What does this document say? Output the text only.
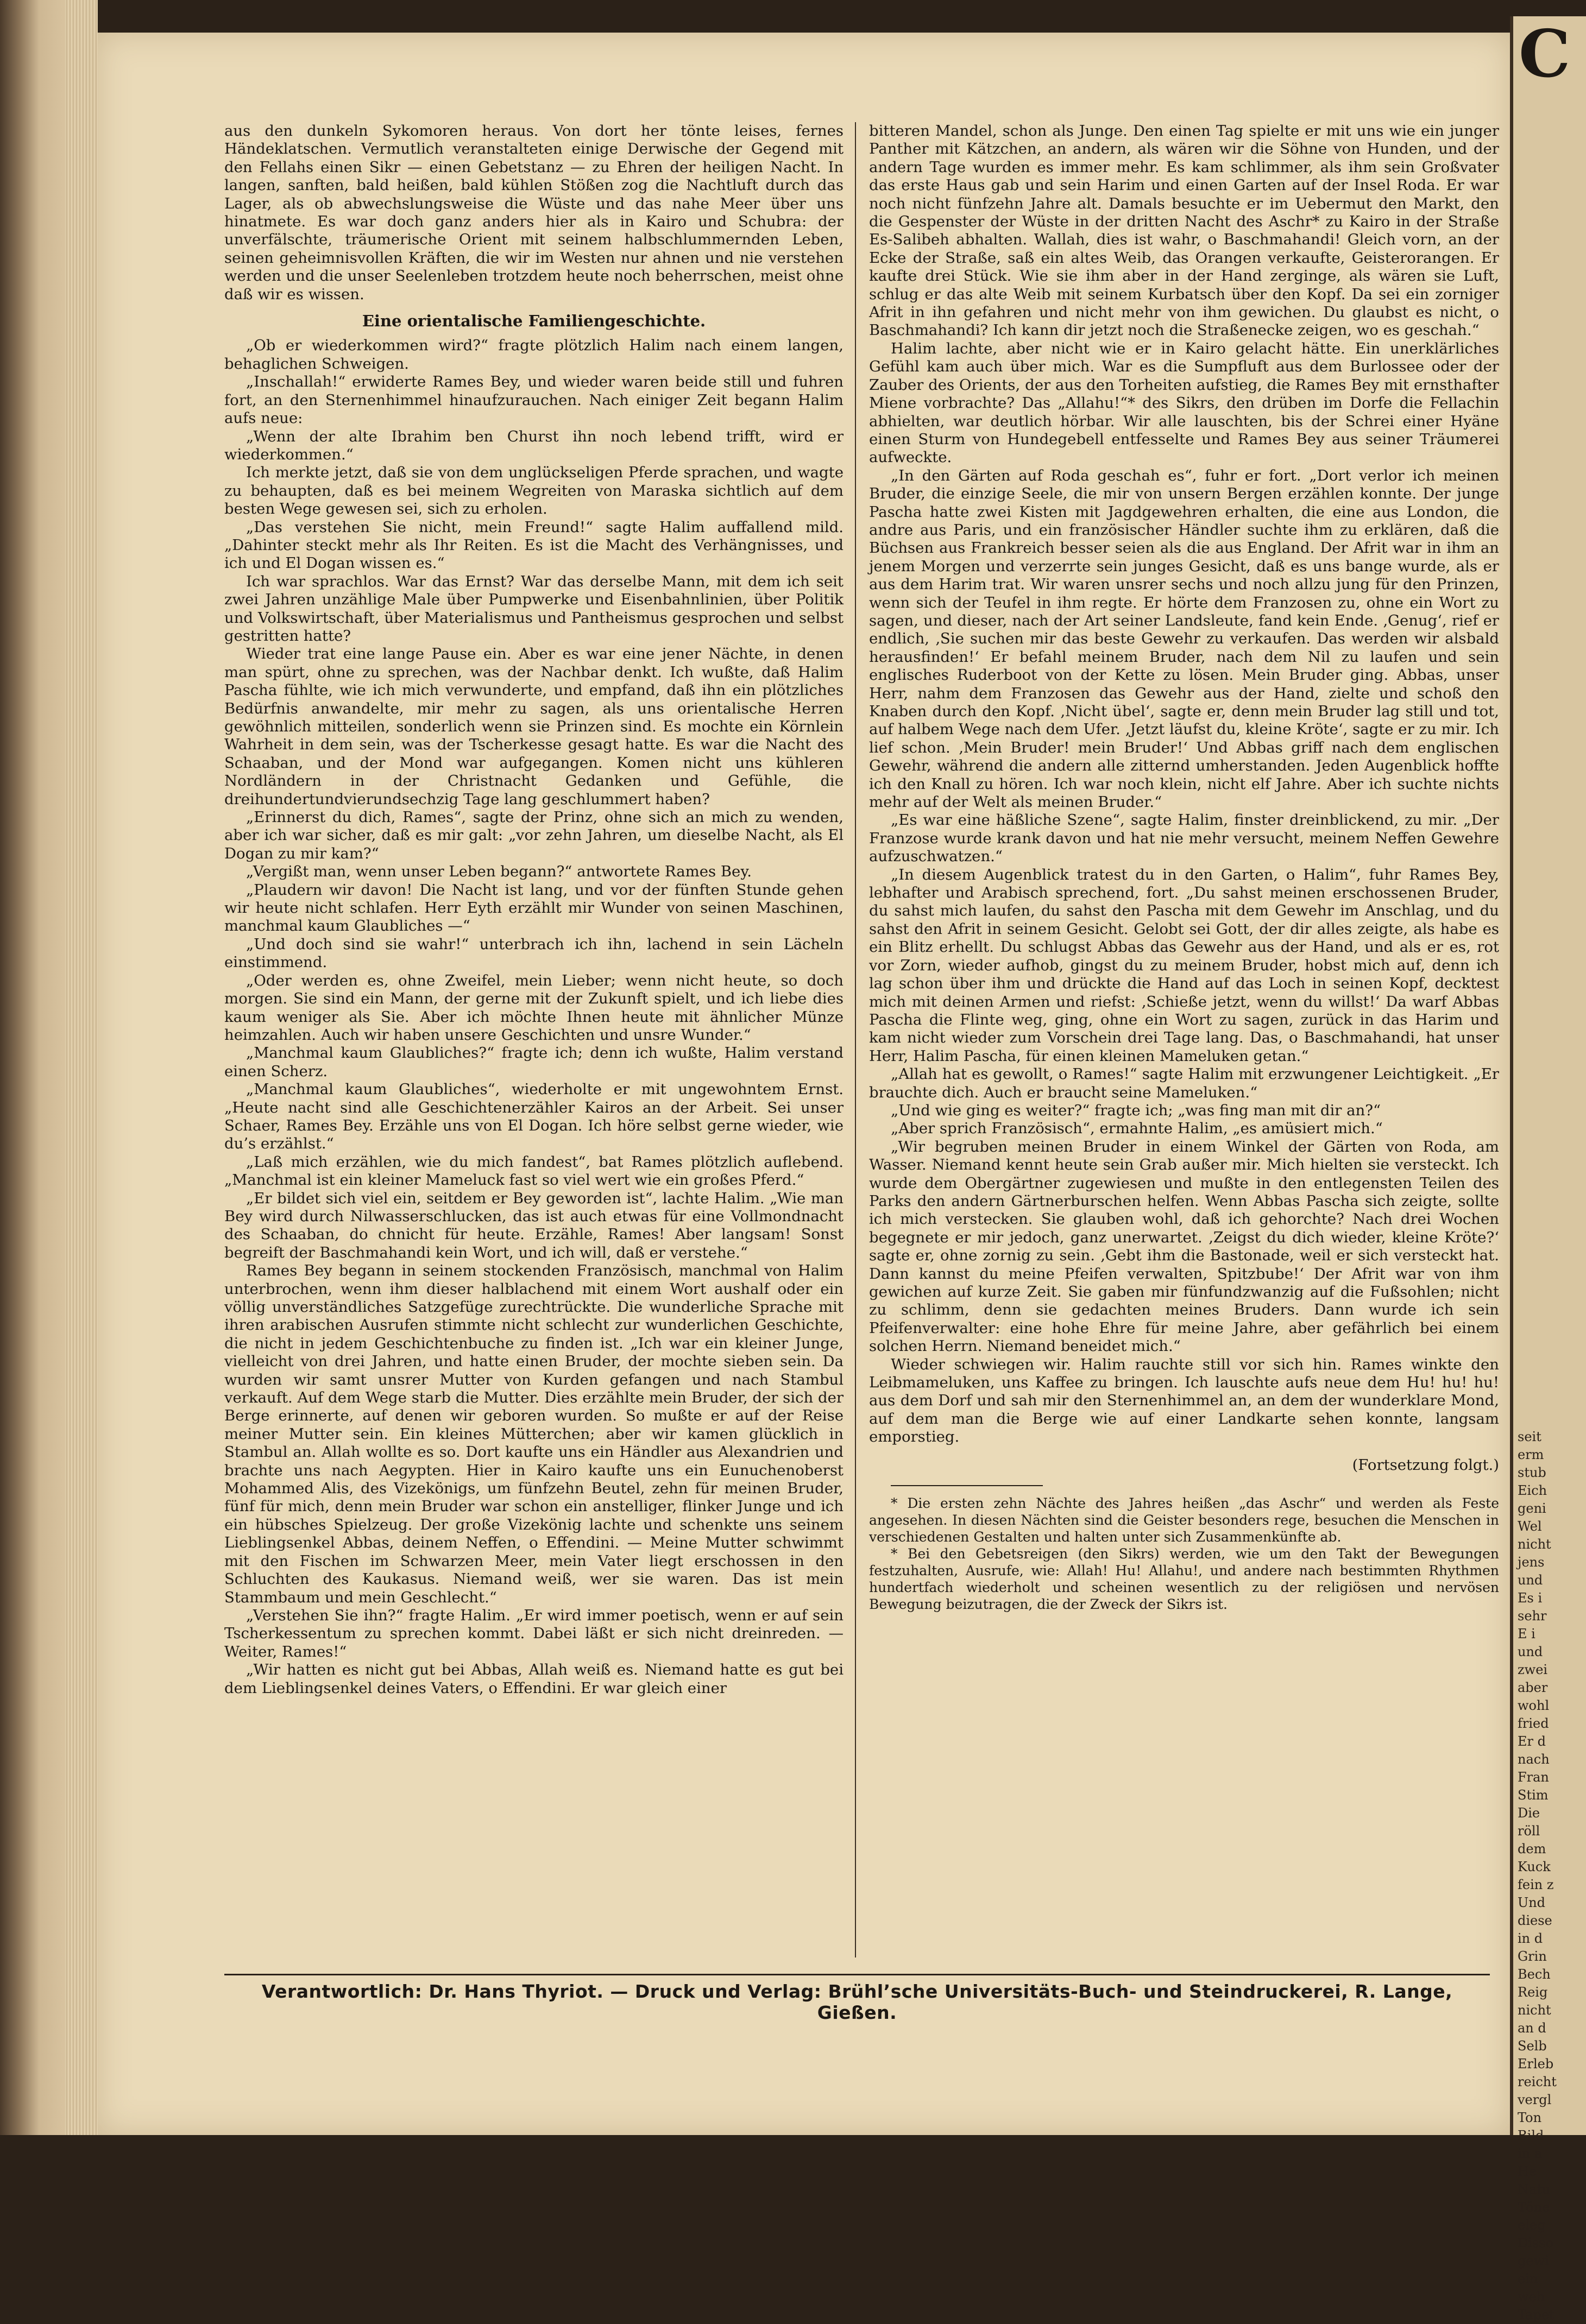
aus den dunkeln Sykomoren heraus. Von dort her tönte leises, fernes Händeklatschen. Vermutlich veranstalteten einige Derwische der Gegend mit den Fellahs einen Sikr — einen Gebetstanz — zu Ehren der heiligen Nacht. In langen, sanften, bald heißen, bald kühlen Stößen zog die Nachtluft durch das Lager, als ob abwechslungsweise die Wüste und das nahe Meer über uns hinatmete. Es war doch ganz anders hier als in Kairo und Schubra: der unverfälschte, träumerische Orient mit seinem halbschlummernden Leben, seinen geheimnisvollen Kräften, die wir im Westen nur ahnen und nie verstehen werden und die unser Seelenleben trotzdem heute noch beherrschen, meist ohne daß wir es wissen.

Eine orientalische Familiengeschichte.

„Ob er wiederkommen wird?“ fragte plötzlich Halim nach einem langen, behaglichen Schweigen.

„Inschallah!“ erwiderte Rames Bey, und wieder waren beide still und fuhren fort, an den Sternenhimmel hinaufzurauchen. Nach einiger Zeit begann Halim aufs neue:

„Wenn der alte Ibrahim ben Churst ihn noch lebend trifft, wird er wiederkommen.“

Ich merkte jetzt, daß sie von dem unglückseligen Pferde sprachen, und wagte zu behaupten, daß es bei meinem Wegreiten von Maraska sichtlich auf dem besten Wege gewesen sei, sich zu erholen.

„Das verstehen Sie nicht, mein Freund!“ sagte Halim auffallend mild. „Dahinter steckt mehr als Ihr Reiten. Es ist die Macht des Verhängnisses, und ich und El Dogan wissen es.“

Ich war sprachlos. War das Ernst? War das derselbe Mann, mit dem ich seit zwei Jahren unzählige Male über Pumpwerke und Eisenbahnlinien, über Politik und Volkswirtschaft, über Materialismus und Pantheismus gesprochen und selbst gestritten hatte?

Wieder trat eine lange Pause ein. Aber es war eine jener Nächte, in denen man spürt, ohne zu sprechen, was der Nachbar denkt. Ich wußte, daß Halim Pascha fühlte, wie ich mich verwunderte, und empfand, daß ihn ein plötzliches Bedürfnis anwandelte, mir mehr zu sagen, als uns orientalische Herren gewöhnlich mitteilen, sonderlich wenn sie Prinzen sind. Es mochte ein Körnlein Wahrheit in dem sein, was der Tscherkesse gesagt hatte. Es war die Nacht des Schaaban, und der Mond war aufgegangen. Komen nicht uns kühleren Nordländern in der Christnacht Gedanken und Gefühle, die dreihundertundvierundsechzig Tage lang geschlummert haben?

„Erinnerst du dich, Rames“, sagte der Prinz, ohne sich an mich zu wenden, aber ich war sicher, daß es mir galt: „vor zehn Jahren, um dieselbe Nacht, als El Dogan zu mir kam?“

„Vergißt man, wenn unser Leben begann?“ antwortete Rames Bey.

„Plaudern wir davon! Die Nacht ist lang, und vor der fünften Stunde gehen wir heute nicht schlafen. Herr Eyth erzählt mir Wunder von seinen Maschinen, manchmal kaum Glaubliches —“

„Und doch sind sie wahr!“ unterbrach ich ihn, lachend in sein Lächeln einstimmend.

„Oder werden es, ohne Zweifel, mein Lieber; wenn nicht heute, so doch morgen. Sie sind ein Mann, der gerne mit der Zukunft spielt, und ich liebe dies kaum weniger als Sie. Aber ich möchte Ihnen heute mit ähnlicher Münze heimzahlen. Auch wir haben unsere Geschichten und unsre Wunder.“

„Manchmal kaum Glaubliches?“ fragte ich; denn ich wußte, Halim verstand einen Scherz.

„Manchmal kaum Glaubliches“, wiederholte er mit ungewohntem Ernst. „Heute nacht sind alle Geschichtenerzähler Kairos an der Arbeit. Sei unser Schaer, Rames Bey. Erzähle uns von El Dogan. Ich höre selbst gerne wieder, wie du’s erzählst.“

„Laß mich erzählen, wie du mich fandest“, bat Rames plötzlich auflebend. „Manchmal ist ein kleiner Mameluck fast so viel wert wie ein großes Pferd.“

„Er bildet sich viel ein, seitdem er Bey geworden ist“, lachte Halim. „Wie man Bey wird durch Nilwasserschlucken, das ist auch etwas für eine Vollmondnacht des Schaaban, do chnicht für heute. Erzähle, Rames! Aber langsam! Sonst begreift der Baschmahandi kein Wort, und ich will, daß er verstehe.“

Rames Bey begann in seinem stockenden Französisch, manchmal von Halim unterbrochen, wenn ihm dieser halblachend mit einem Wort aushalf oder ein völlig unverständliches Satzgefüge zurechtrückte. Die wunderliche Sprache mit ihren arabischen Ausrufen stimmte nicht schlecht zur wunderlichen Geschichte, die nicht in jedem Geschichtenbuche zu finden ist. „Ich war ein kleiner Junge, vielleicht von drei Jahren, und hatte einen Bruder, der mochte sieben sein. Da wurden wir samt unsrer Mutter von Kurden gefangen und nach Stambul verkauft. Auf dem Wege starb die Mutter. Dies erzählte mein Bruder, der sich der Berge erinnerte, auf denen wir geboren wurden. So mußte er auf der Reise meiner Mutter sein. Ein kleines Mütterchen; aber wir kamen glücklich in Stambul an. Allah wollte es so. Dort kaufte uns ein Händler aus Alexandrien und brachte uns nach Aegypten. Hier in Kairo kaufte uns ein Eunuchenoberst Mohammed Alis, des Vizekönigs, um fünfzehn Beutel, zehn für meinen Bruder, fünf für mich, denn mein Bruder war schon ein anstelliger, flinker Junge und ich ein hübsches Spielzeug. Der große Vizekönig lachte und schenkte uns seinem Lieblingsenkel Abbas, deinem Neffen, o Effendini. — Meine Mutter schwimmt mit den Fischen im Schwarzen Meer, mein Vater liegt erschossen in den Schluchten des Kaukasus. Niemand weiß, wer sie waren. Das ist mein Stammbaum und mein Geschlecht.“

„Verstehen Sie ihn?“ fragte Halim. „Er wird immer poetisch, wenn er auf sein Tscherkessentum zu sprechen kommt. Dabei läßt er sich nicht dreinreden. — Weiter, Rames!“

„Wir hatten es nicht gut bei Abbas, Allah weiß es. Niemand hatte es gut bei dem Lieblingsenkel deines Vaters, o Effendini. Er war gleich einer

bitteren Mandel, schon als Junge. Den einen Tag spielte er mit uns wie ein junger Panther mit Kätzchen, an andern, als wären wir die Söhne von Hunden, und der andern Tage wurden es immer mehr. Es kam schlimmer, als ihm sein Großvater das erste Haus gab und sein Harim und einen Garten auf der Insel Roda. Er war noch nicht fünfzehn Jahre alt. Damals besuchte er im Uebermut den Markt, den die Gespenster der Wüste in der dritten Nacht des Aschr* zu Kairo in der Straße Es-Salibeh abhalten. Wallah, dies ist wahr, o Baschmahandi! Gleich vorn, an der Ecke der Straße, saß ein altes Weib, das Orangen verkaufte, Geisterorangen. Er kaufte drei Stück. Wie sie ihm aber in der Hand zerginge, als wären sie Luft, schlug er das alte Weib mit seinem Kurbatsch über den Kopf. Da sei ein zorniger Afrit in ihn gefahren und nicht mehr von ihm gewichen. Du glaubst es nicht, o Baschmahandi? Ich kann dir jetzt noch die Straßenecke zeigen, wo es geschah.“

Halim lachte, aber nicht wie er in Kairo gelacht hätte. Ein unerklärliches Gefühl kam auch über mich. War es die Sumpfluft aus dem Burlossee oder der Zauber des Orients, der aus den Torheiten aufstieg, die Rames Bey mit ernsthafter Miene vorbrachte? Das „Allahu!“* des Sikrs, den drüben im Dorfe die Fellachin abhielten, war deutlich hörbar. Wir alle lauschten, bis der Schrei einer Hyäne einen Sturm von Hundegebell entfesselte und Rames Bey aus seiner Träumerei aufweckte.

„In den Gärten auf Roda geschah es“, fuhr er fort. „Dort verlor ich meinen Bruder, die einzige Seele, die mir von unsern Bergen erzählen konnte. Der junge Pascha hatte zwei Kisten mit Jagdgewehren erhalten, die eine aus London, die andre aus Paris, und ein französischer Händler suchte ihm zu erklären, daß die Büchsen aus Frankreich besser seien als die aus England. Der Afrit war in ihm an jenem Morgen und verzerrte sein junges Gesicht, daß es uns bange wurde, als er aus dem Harim trat. Wir waren unsrer sechs und noch allzu jung für den Prinzen, wenn sich der Teufel in ihm regte. Er hörte dem Franzosen zu, ohne ein Wort zu sagen, und dieser, nach der Art seiner Landsleute, fand kein Ende. ‚Genug‘, rief er endlich, ‚Sie suchen mir das beste Gewehr zu verkaufen. Das werden wir alsbald herausfinden!‘ Er befahl meinem Bruder, nach dem Nil zu laufen und sein englisches Ruderboot von der Kette zu lösen. Mein Bruder ging. Abbas, unser Herr, nahm dem Franzosen das Gewehr aus der Hand, zielte und schoß den Knaben durch den Kopf. ‚Nicht übel‘, sagte er, denn mein Bruder lag still und tot, auf halbem Wege nach dem Ufer. ‚Jetzt läufst du, kleine Kröte‘, sagte er zu mir. Ich lief schon. ‚Mein Bruder! mein Bruder!‘ Und Abbas griff nach dem englischen Gewehr, während die andern alle zitternd umherstanden. Jeden Augenblick hoffte ich den Knall zu hören. Ich war noch klein, nicht elf Jahre. Aber ich suchte nichts mehr auf der Welt als meinen Bruder.“

„Es war eine häßliche Szene“, sagte Halim, finster dreinblickend, zu mir. „Der Franzose wurde krank davon und hat nie mehr versucht, meinem Neffen Gewehre aufzuschwatzen.“

„In diesem Augenblick tratest du in den Garten, o Halim“, fuhr Rames Bey, lebhafter und Arabisch sprechend, fort. „Du sahst meinen erschossenen Bruder, du sahst mich laufen, du sahst den Pascha mit dem Gewehr im Anschlag, und du sahst den Afrit in seinem Gesicht. Gelobt sei Gott, der dir alles zeigte, als habe es ein Blitz erhellt. Du schlugst Abbas das Gewehr aus der Hand, und als er es, rot vor Zorn, wieder aufhob, gingst du zu meinem Bruder, hobst mich auf, denn ich lag schon über ihm und drückte die Hand auf das Loch in seinen Kopf, decktest mich mit deinen Armen und riefst: ‚Schieße jetzt, wenn du willst!‘ Da warf Abbas Pascha die Flinte weg, ging, ohne ein Wort zu sagen, zurück in das Harim und kam nicht wieder zum Vorschein drei Tage lang. Das, o Baschmahandi, hat unser Herr, Halim Pascha, für einen kleinen Mameluken getan.“

„Allah hat es gewollt, o Rames!“ sagte Halim mit erzwungener Leichtigkeit. „Er brauchte dich. Auch er braucht seine Mameluken.“

„Und wie ging es weiter?“ fragte ich; „was fing man mit dir an?“

„Aber sprich Französisch“, ermahnte Halim, „es amüsiert mich.“

„Wir begruben meinen Bruder in einem Winkel der Gärten von Roda, am Wasser. Niemand kennt heute sein Grab außer mir. Mich hielten sie versteckt. Ich wurde dem Obergärtner zugewiesen und mußte in den entlegensten Teilen des Parks den andern Gärtnerburschen helfen. Wenn Abbas Pascha sich zeigte, sollte ich mich verstecken. Sie glauben wohl, daß ich gehorchte? Nach drei Wochen begegnete er mir jedoch, ganz unerwartet. ‚Zeigst du dich wieder, kleine Kröte?‘ sagte er, ohne zornig zu sein. ‚Gebt ihm die Bastonade, weil er sich versteckt hat. Dann kannst du meine Pfeifen verwalten, Spitzbube!‘ Der Afrit war von ihm gewichen auf kurze Zeit. Sie gaben mir fünfundzwanzig auf die Fußsohlen; nicht zu schlimm, denn sie gedachten meines Bruders. Dann wurde ich sein Pfeifenverwalter: eine hohe Ehre für meine Jahre, aber gefährlich bei einem solchen Herrn. Niemand beneidet mich.“

Wieder schwiegen wir. Halim rauchte still vor sich hin. Rames winkte den Leibmameluken, uns Kaffee zu bringen. Ich lauschte aufs neue dem Hu! hu! hu! aus dem Dorf und sah mir den Sternenhimmel an, an dem der wunderklare Mond, auf dem man die Berge wie auf einer Landkarte sehen konnte, langsam emporstieg.

(Fortsetzung folgt.)

* Die ersten zehn Nächte des Jahres heißen „das Aschr“ und werden als Feste angesehen. In diesen Nächten sind die Geister besonders rege, besuchen die Menschen in verschiedenen Gestalten und halten unter sich Zusammenkünfte ab.

* Bei den Gebetsreigen (den Sikrs) werden, wie um den Takt der Bewegungen festzuhalten, Ausrufe, wie: Allah! Hu! Allahu!, und andere nach bestimmten Rhythmen hundertfach wiederholt und scheinen wesentlich zu der religiösen und nervösen Bewegung beizutragen, die der Zweck der Sikrs ist.

Verantwortlich: Dr. Hans Thyriot. — Druck und Verlag: Brühl’sche Universitäts-Buch- und Steindruckerei, R. Lange, Gießen.
C
seit
erm
stub
Eich
geni
Wel
nicht
jens
und
Es i
sehr
E i
und
zwei
aber
wohl
fried
Er d
nach
Fran
Stim
Die
röll
dem
Kuck
fein z
Und
diese
in d
Grin
Bech
Reig
nicht
an d
Selb
Erleb
reicht
vergl
Ton
Bild
in a
He
Natu
Töne
eleg
Disso
gewi
ein
weh
Tapet
